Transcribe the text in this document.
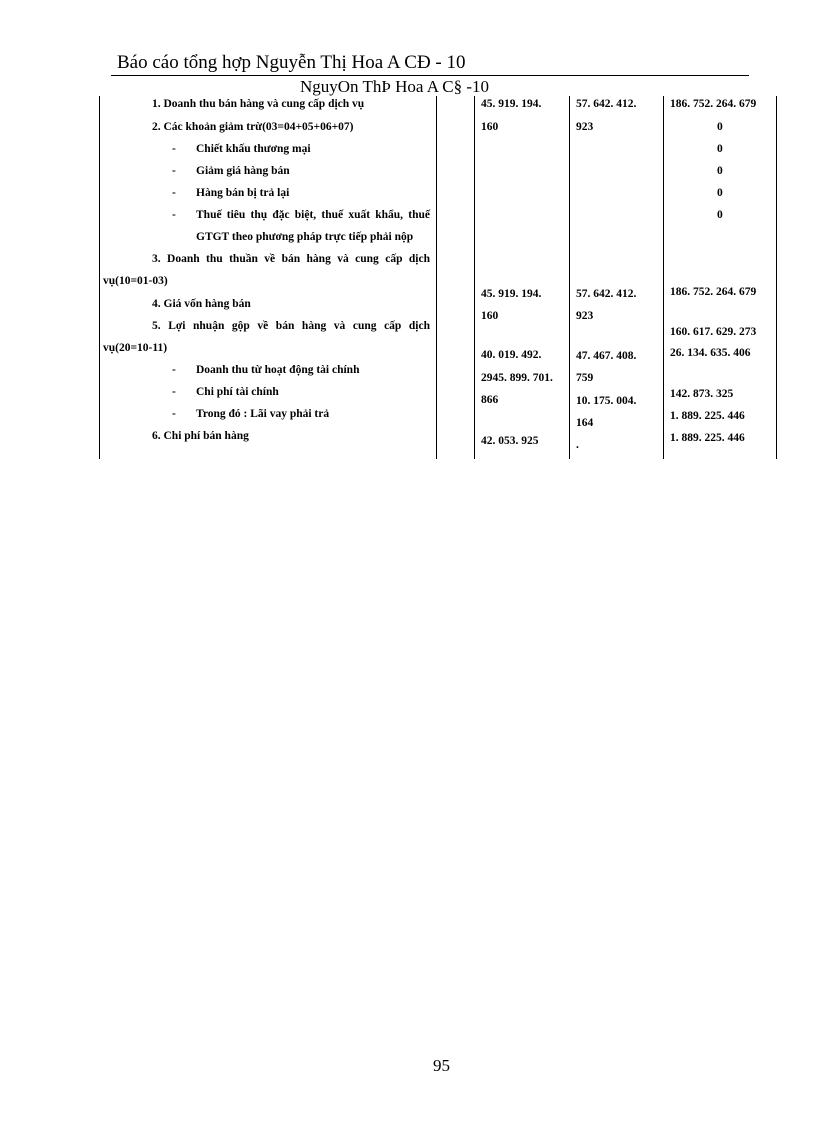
Báo cáo tổng hợp Nguyễn Thị Hoa A CĐ - 10
NguyOn ThÞ Hoa A C§ -10
1. Doanh thu bán hàng và cung cấp dịch vụ
2. Các khoản giảm trừ(03=04+05+06+07)
- Chiết khấu thương mại
- Giảm giá hàng bán
- Hàng bán bị trả lại
- Thuế tiêu thụ đặc biệt, thuế xuất khẩu, thuế
GTGT theo phương pháp trực tiếp phải nộp
3. Doanh thu thuần về bán hàng và cung cấp dịch
vụ(10=01-03)
4. Giá vốn hàng bán
5. Lợi nhuận gộp về bán hàng và cung cấp dịch
vụ(20=10-11)
- Doanh thu từ hoạt động tài chính
- Chi phí tài chính
- Trong đó : Lãi vay phải trả
6. Chi phí bán hàng
45. 919. 194.
160
45. 919. 194.
160
40. 019. 492.
2945. 899. 701.
866
42. 053. 925
57. 642. 412.
923
57. 642. 412.
923
47. 467. 408.
759
10. 175. 004.
164
.
186. 752. 264. 679
0
0
0
0
0
186. 752. 264. 679
160. 617. 629. 273
26. 134. 635. 406
142. 873. 325
1. 889. 225. 446
1. 889. 225. 446
95
